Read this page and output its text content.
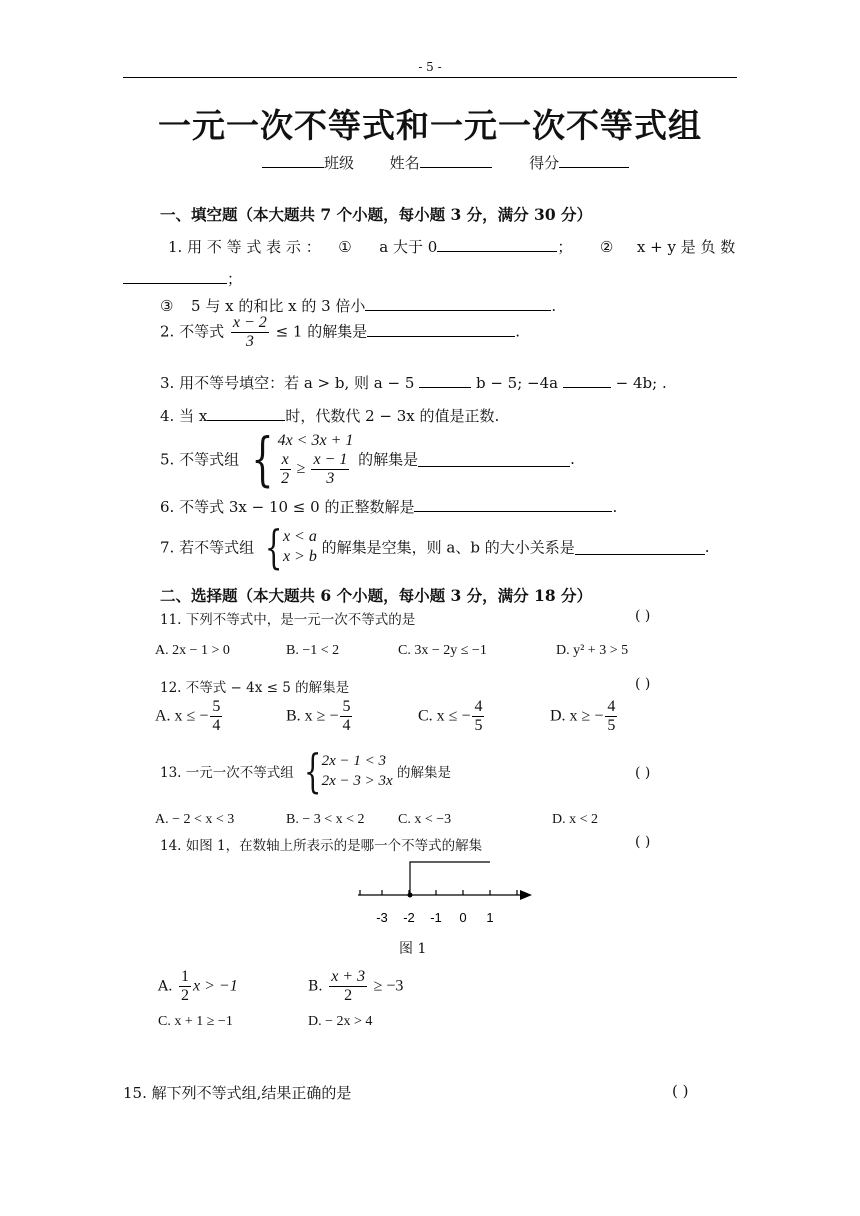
- 5 -
一元一次不等式和一元一次不等式组
班级 姓名	得分
一、填空题（本大题共 7 个小题，每小题 3 分，满分 30 分）
1. 用 不 等 式 表 示 ： ① a 大于 0	； ② x + y 是 负 数
；
③ 5 与 x 的和比 x 的 3 倍小	.
2. 不等式 $\frac{x - 2}{3} \le 1$ 的解集是	.
3. 用不等号填空：若 a > b, 则 a − 5	b − 5; −4a	− 4b; .
4. 当 x	时，代数代 2 − 3x 的值是正数.
5. 不等式组 { 4x < 3x + 1
$\frac{x}{2} \ge \frac{x - 1}{3}$ 的解集是	.
6. 不等式 3x − 10 ≤ 0 的正整数解是	.
7. 若不等式组 { x < a
x > b 的解集是空集，则 a、b 的大小关系是	.
二、选择题（本大题共 6 个小题，每小题 3 分，满分 18 分）
11. 下列不等式中，是一元一次不等式的是	( )
A. 2x − 1 > 0	B. −1 < 2	C. 3x − 2y ≤ −1	D. y² + 3 > 5
12. 不等式 − 4x ≤ 5 的解集是	( )
A. x ≤ − $\frac{5}{4}$	B. x ≥ − $\frac{5}{4}$	C. x ≤ − $\frac{4}{5}$	D. x ≥ − $\frac{4}{5}$
13. 一元一次不等式组 { 2x − 1 < 3
2x − 3 > 3x 的解集是	( )
A. − 2 < x < 3	B. − 3 < x < 2 C. x < −3	D. x < 2
14. 如图 1，在数轴上所表示的是哪一个不等式的解集	( )
-3 -2 -1 0 1
图 1
A. $\frac{1}{2}$ x > −1	B. $\frac{x + 3}{2} \ge -3$
C. x + 1 ≥ −1	D. − 2x > 4
15. 解下列不等式组,结果正确的是	( )
